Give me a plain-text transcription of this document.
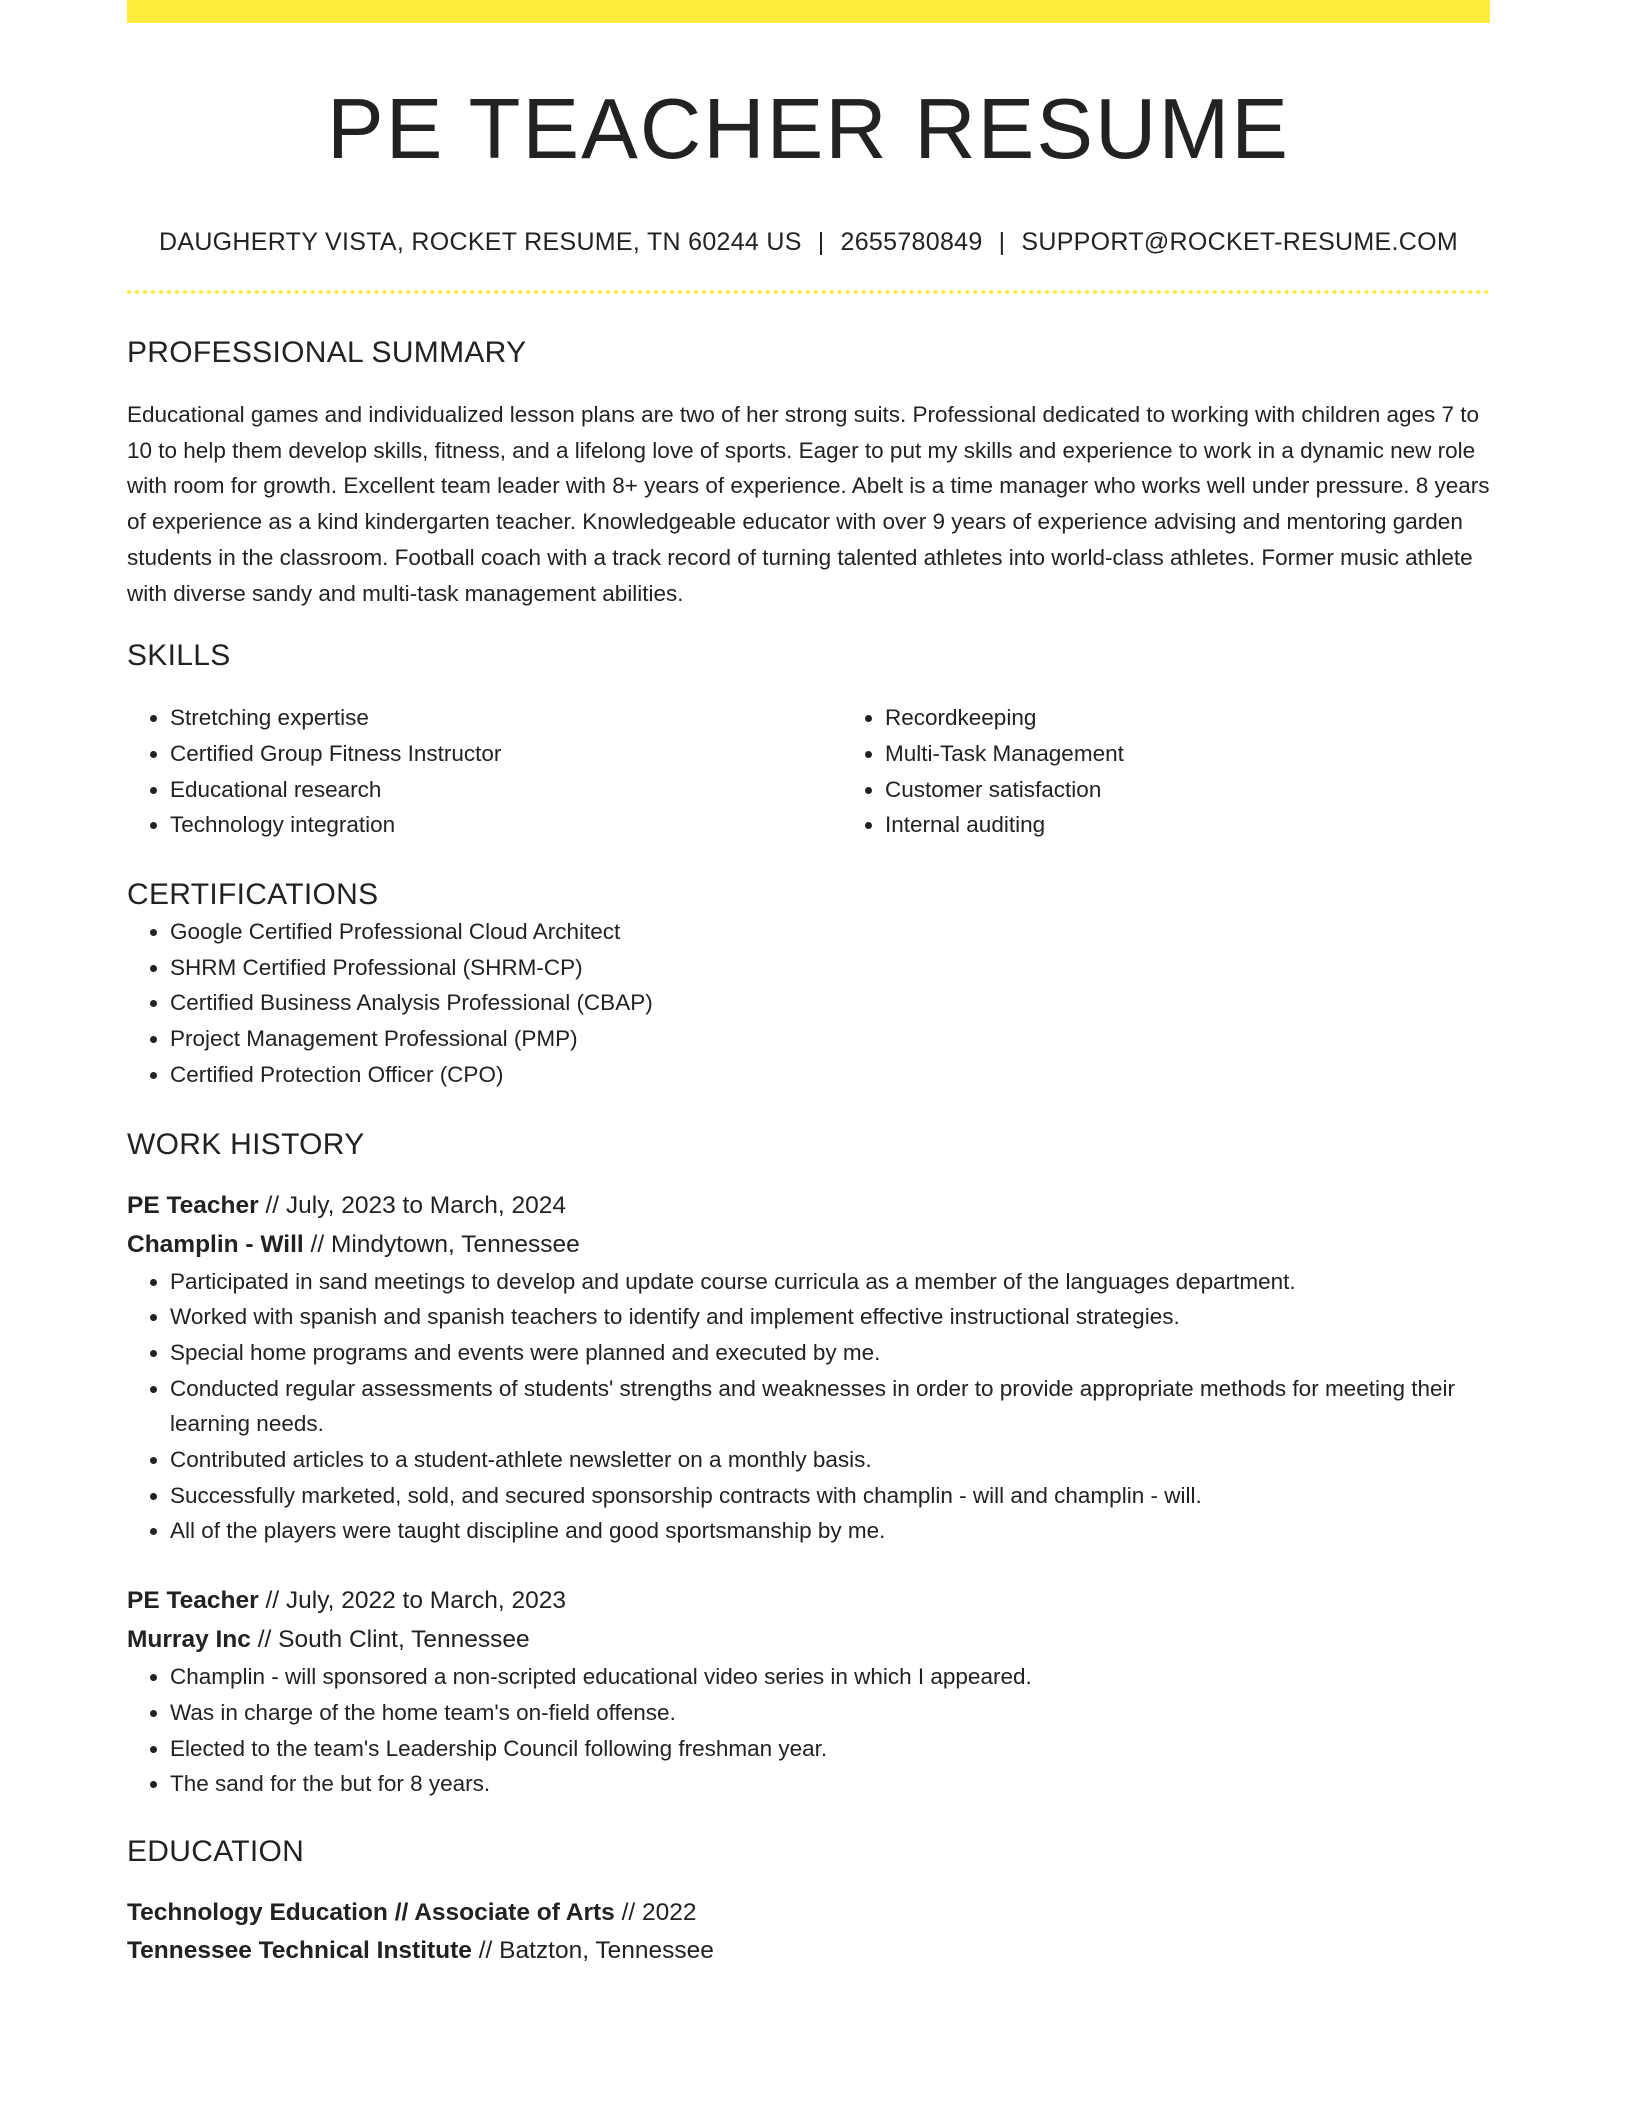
PE TEACHER RESUME
DAUGHERTY VISTA, ROCKET RESUME, TN 60244 US | 2655780849 | SUPPORT@ROCKET-RESUME.COM
PROFESSIONAL SUMMARY

Educational games and individualized lesson plans are two of her strong suits. Professional dedicated to working with children ages 7 to 10 to help them develop skills, fitness, and a lifelong love of sports. Eager to put my skills and experience to work in a dynamic new role with room for growth. Excellent team leader with 8+ years of experience. Abelt is a time manager who works well under pressure. 8 years of experience as a kind kindergarten teacher. Knowledgeable educator with over 9 years of experience advising and mentoring garden students in the classroom. Football coach with a track record of turning talented athletes into world-class athletes. Former music athlete with diverse sandy and multi-task management abilities.

SKILLS
• Stretching expertise
• Certified Group Fitness Instructor
• Educational research
• Technology integration
• Recordkeeping
• Multi-Task Management
• Customer satisfaction
• Internal auditing
CERTIFICATIONS
• Google Certified Professional Cloud Architect
• SHRM Certified Professional (SHRM-CP)
• Certified Business Analysis Professional (CBAP)
• Project Management Professional (PMP)
• Certified Protection Officer (CPO)
WORK HISTORY
PE Teacher // July, 2023 to March, 2024
Champlin - Will // Mindytown, Tennessee
• Participated in sand meetings to develop and update course curricula as a member of the languages department.
• Worked with spanish and spanish teachers to identify and implement effective instructional strategies.
• Special home programs and events were planned and executed by me.
• Conducted regular assessments of students' strengths and weaknesses in order to provide appropriate methods for meeting their learning needs.
• Contributed articles to a student-athlete newsletter on a monthly basis.
• Successfully marketed, sold, and secured sponsorship contracts with champlin - will and champlin - will.
• All of the players were taught discipline and good sportsmanship by me.
PE Teacher // July, 2022 to March, 2023
Murray Inc // South Clint, Tennessee
• Champlin - will sponsored a non-scripted educational video series in which I appeared.
• Was in charge of the home team's on-field offense.
• Elected to the team's Leadership Council following freshman year.
• The sand for the but for 8 years.
EDUCATION
Technology Education // Associate of Arts // 2022
Tennessee Technical Institute // Batzton, Tennessee
